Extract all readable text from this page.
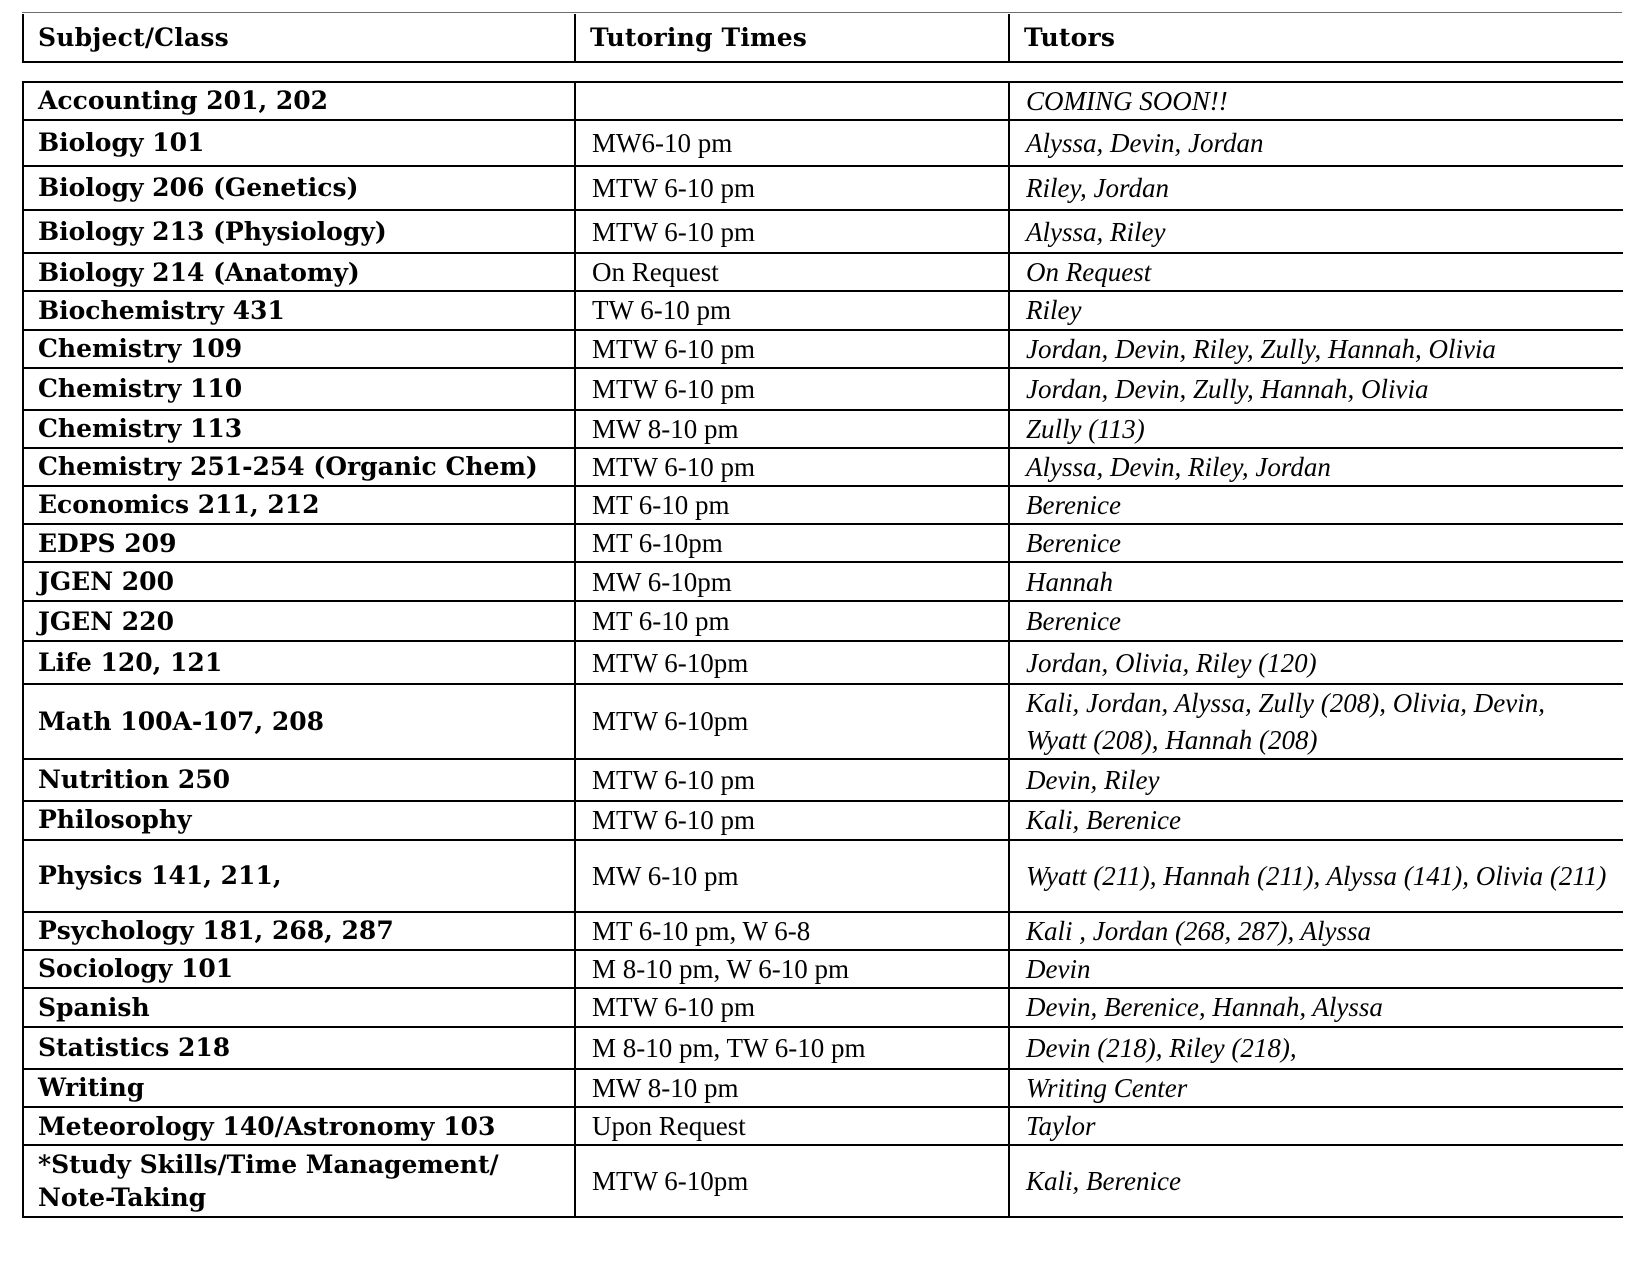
Subject/Class	Tutoring Times	Tutors
Accounting 201, 202		COMING SOON!!
Biology 101	MW6-10 pm	Alyssa, Devin, Jordan
Biology 206 (Genetics)	MTW 6-10 pm	Riley, Jordan
Biology 213 (Physiology)	MTW 6-10 pm	Alyssa, Riley
Biology 214 (Anatomy)	On Request	On Request
Biochemistry 431	TW 6-10 pm	Riley
Chemistry 109	MTW 6-10 pm	Jordan, Devin, Riley, Zully, Hannah, Olivia
Chemistry 110	MTW 6-10 pm	Jordan, Devin, Zully, Hannah, Olivia
Chemistry 113	MW 8-10 pm	Zully (113)
Chemistry 251-254 (Organic Chem)	MTW 6-10 pm	Alyssa, Devin, Riley, Jordan
Economics 211, 212	MT 6-10 pm	Berenice
EDPS 209	MT 6-10pm	Berenice
JGEN 200	MW 6-10pm	Hannah
JGEN 220	MT 6-10 pm	Berenice
Life 120, 121	MTW 6-10pm	Jordan, Olivia, Riley (120)
Math 100A-107, 208	MTW 6-10pm	Kali, Jordan, Alyssa, Zully (208), Olivia, Devin, Wyatt (208), Hannah (208)
Nutrition 250	MTW 6-10 pm	Devin, Riley
Philosophy	MTW 6-10 pm	Kali, Berenice
Physics 141, 211,	MW 6-10 pm	Wyatt (211), Hannah (211), Alyssa (141), Olivia (211)
Psychology 181, 268, 287	MT 6-10 pm, W 6-8	Kali , Jordan (268, 287), Alyssa
Sociology 101	M 8-10 pm, W 6-10 pm	Devin
Spanish	MTW 6-10 pm	Devin, Berenice, Hannah, Alyssa
Statistics 218	M 8-10 pm, TW 6-10 pm	Devin (218), Riley (218),
Writing	MW 8-10 pm	Writing Center
Meteorology 140/Astronomy 103	Upon Request	Taylor
*Study Skills/Time Management/ Note-Taking	MTW 6-10pm	Kali, Berenice
